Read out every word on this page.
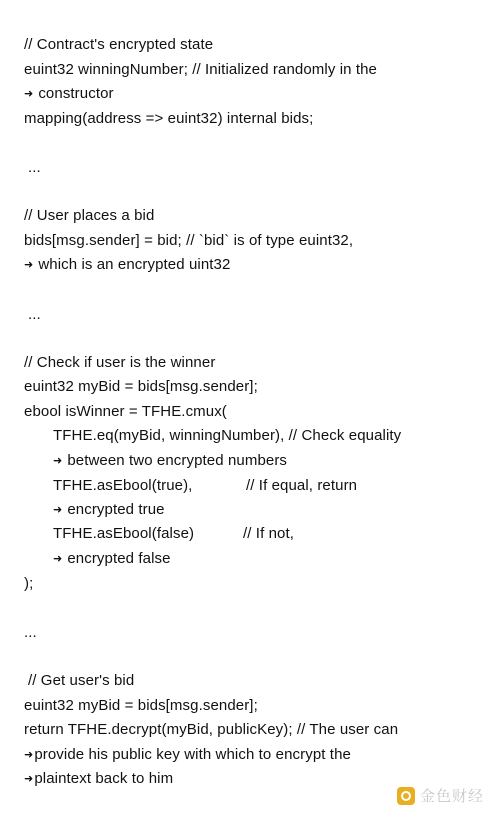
// Contract's encrypted state
euint32 winningNumber; // Initialized randomly in the
➜ constructor
mapping(address => euint32) internal bids;
...
// User places a bid
bids[msg.sender] = bid; // `bid` is of type euint32,
➜ which is an encrypted uint32
...
// Check if user is the winner
euint32 myBid = bids[msg.sender];
ebool isWinner = TFHE.cmux(
TFHE.eq(myBid, winningNumber), // Check equality
➜ between two encrypted numbers
TFHE.asEbool(true),	// If equal, return
➜ encrypted true
TFHE.asEbool(false)	// If not,
➜ encrypted false
);
...
// Get user's bid
euint32 myBid = bids[msg.sender];
return TFHE.decrypt(myBid, publicKey); // The user can
➜provide his public key with which to encrypt the
➜plaintext back to him
金色财经
